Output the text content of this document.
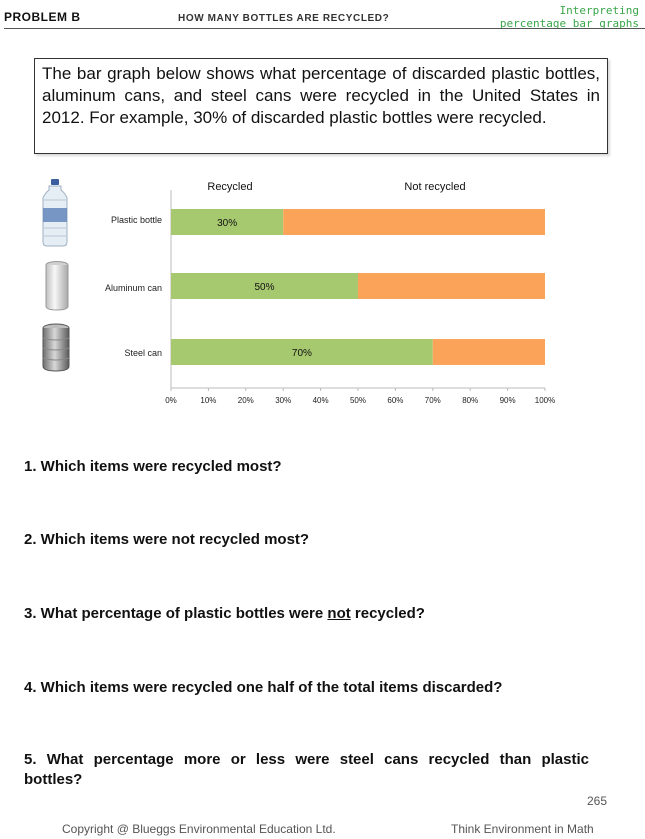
PROBLEM B	HOW MANY BOTTLES ARE RECYCLED?
Interpreting
percentage bar graphs
The bar graph below shows what percentage of discarded plastic bottles, aluminum cans, and steel cans were recycled in the United States in 2012. For example, 30% of discarded plastic bottles were recycled.
Recycled	Not recycled
30%
50%
70%
0%	10%	20%	30%	40%	50%	60%	70%	80%	90% 100%
Plastic bottle
Aluminum can
Steel can
1. Which items were recycled most?
2. Which items were not recycled most?
3. What percentage of plastic bottles were not recycled?
4. Which items were recycled one half of the total items discarded?
5. What percentage more or less were steel cans recycled than plastic
bottles?
265
Copyright @ Blueggs Environmental Education Ltd.	Think Environment in Math
